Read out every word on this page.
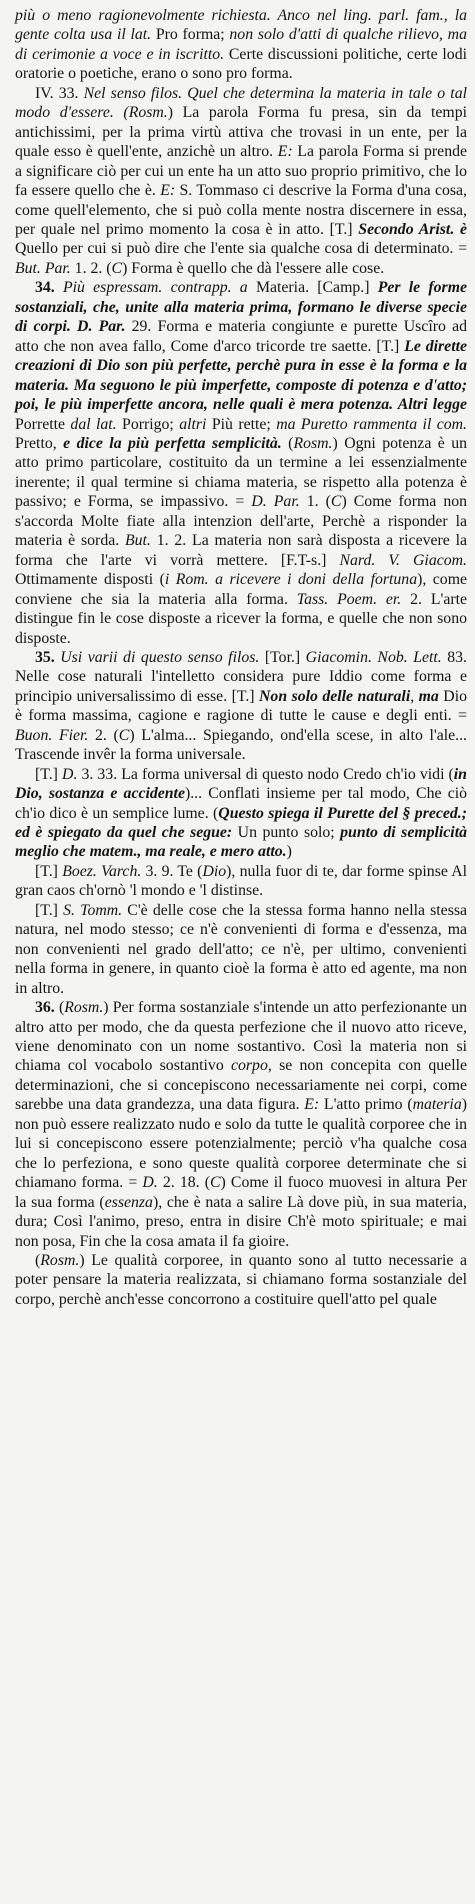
più o meno ragionevolmente richiesta. Anco nel ling. parl. fam., la gente colta usa il lat. Pro forma; non solo d'atti di qualche rilievo, ma di cerimonie a voce e in iscritto. Certe discussioni politiche, certe lodi oratorie o poetiche, erano o sono pro forma.

IV. 33. Nel senso filos. Quel che determina la materia in tale o tal modo d'essere. (Rosm.) La parola Forma fu presa, sin da tempi antichissimi, per la prima virtù attiva che trovasi in un ente, per la quale esso è quell'ente, anzichè un altro. E: La parola Forma si prende a significare ciò per cui un ente ha un atto suo proprio primitivo, che lo fa essere quello che è. E: S. Tommaso ci descrive la Forma d'una cosa, come quell'elemento, che si può colla mente nostra discernere in essa, per quale nel primo momento la cosa è in atto. [T.] Secondo Arist. è Quello per cui si può dire che l'ente sia qualche cosa di determinato. = But. Par. 1. 2. (C) Forma è quello che dà l'essere alle cose.

34. Più espressam. contrapp. a Materia. [Camp.] Per le forme sostanziali, che, unite alla materia prima, formano le diverse specie di corpi. D. Par. 29. Forma e materia congiunte e purette Uscîro ad atto che non avea fallo, Come d'arco tricorde tre saette. [T.] Le dirette creazioni di Dio son più perfette, perchè pura in esse è la forma e la materia. Ma seguono le più imperfette, composte di potenza e d'atto; poi, le più imperfette ancora, nelle quali è mera potenza. Altri legge Porrette dal lat. Porrigo; altri Più rette; ma Puretto rammenta il com. Pretto, e dice la più perfetta semplicità. (Rosm.) Ogni potenza è un atto primo particolare, costituito da un termine a lei essenzialmente inerente; il qual termine si chiama materia, se rispetto alla potenza è passivo; e Forma, se impassivo. = D. Par. 1. (C) Come forma non s'accorda Molte fiate alla intenzion dell'arte, Perchè a risponder la materia è sorda. But. 1. 2. La materia non sarà disposta a ricevere la forma che l'arte vi vorrà mettere. [F.T-s.] Nard. V. Giacom. Ottimamente disposti (i Rom. a ricevere i doni della fortuna), come conviene che sia la materia alla forma. Tass. Poem. er. 2. L'arte distingue fin le cose disposte a ricever la forma, e quelle che non sono disposte.

35. Usi varii di questo senso filos. [Tor.] Giacomin. Nob. Lett. 83. Nelle cose naturali l'intelletto considera pure Iddio come forma e principio universalissimo di esse. [T.] Non solo delle naturali, ma Dio è forma massima, cagione e ragione di tutte le cause e degli enti. = Buon. Fier. 2. (C) L'alma... Spiegando, ond'ella scese, in alto l'ale... Trascende invêr la forma universale.

[T.] D. 3. 33. La forma universal di questo nodo Credo ch'io vidi (in Dio, sostanza e accidente)... Conflati insieme per tal modo, Che ciò ch'io dico è un semplice lume. (Questo spiega il Purette del § preced.; ed è spiegato da quel che segue: Un punto solo; punto di semplicità meglio che matem., ma reale, e mero atto.)

[T.] Boez. Varch. 3. 9. Te (Dio), nulla fuor di te, dar forme spinse Al gran caos ch'ornò 'l mondo e 'l distinse.

[T.] S. Tomm. C'è delle cose che la stessa forma hanno nella stessa natura, nel modo stesso; ce n'è convenienti di forma e d'essenza, ma non convenienti nel grado dell'atto; ce n'è, per ultimo, convenienti nella forma in genere, in quanto cioè la forma è atto ed agente, ma non in altro.

36. (Rosm.) Per forma sostanziale s'intende un atto perfezionante un altro atto per modo, che da questa perfezione che il nuovo atto riceve, viene denominato con un nome sostantivo. Così la materia non si chiama col vocabolo sostantivo corpo, se non concepita con quelle determinazioni, che si concepiscono necessariamente nei corpi, come sarebbe una data grandezza, una data figura. E: L'atto primo (materia) non può essere realizzato nudo e solo da tutte le qualità corporee che in lui si concepiscono essere potenzialmente; perciò v'ha qualche cosa che lo perfeziona, e sono queste qualità corporee determinate che si chiamano forma. = D. 2. 18. (C) Come il fuoco muovesi in altura Per la sua forma (essenza), che è nata a salire Là dove più, in sua materia, dura; Così l'animo, preso, entra in disire Ch'è moto spirituale; e mai non posa, Fin che la cosa amata il fa gioire.

(Rosm.) Le qualità corporee, in quanto sono al tutto necessarie a poter pensare la materia realizzata, si chiamano forma sostanziale del corpo, perchè anch'esse concorrono a costituire quell'atto pel quale
